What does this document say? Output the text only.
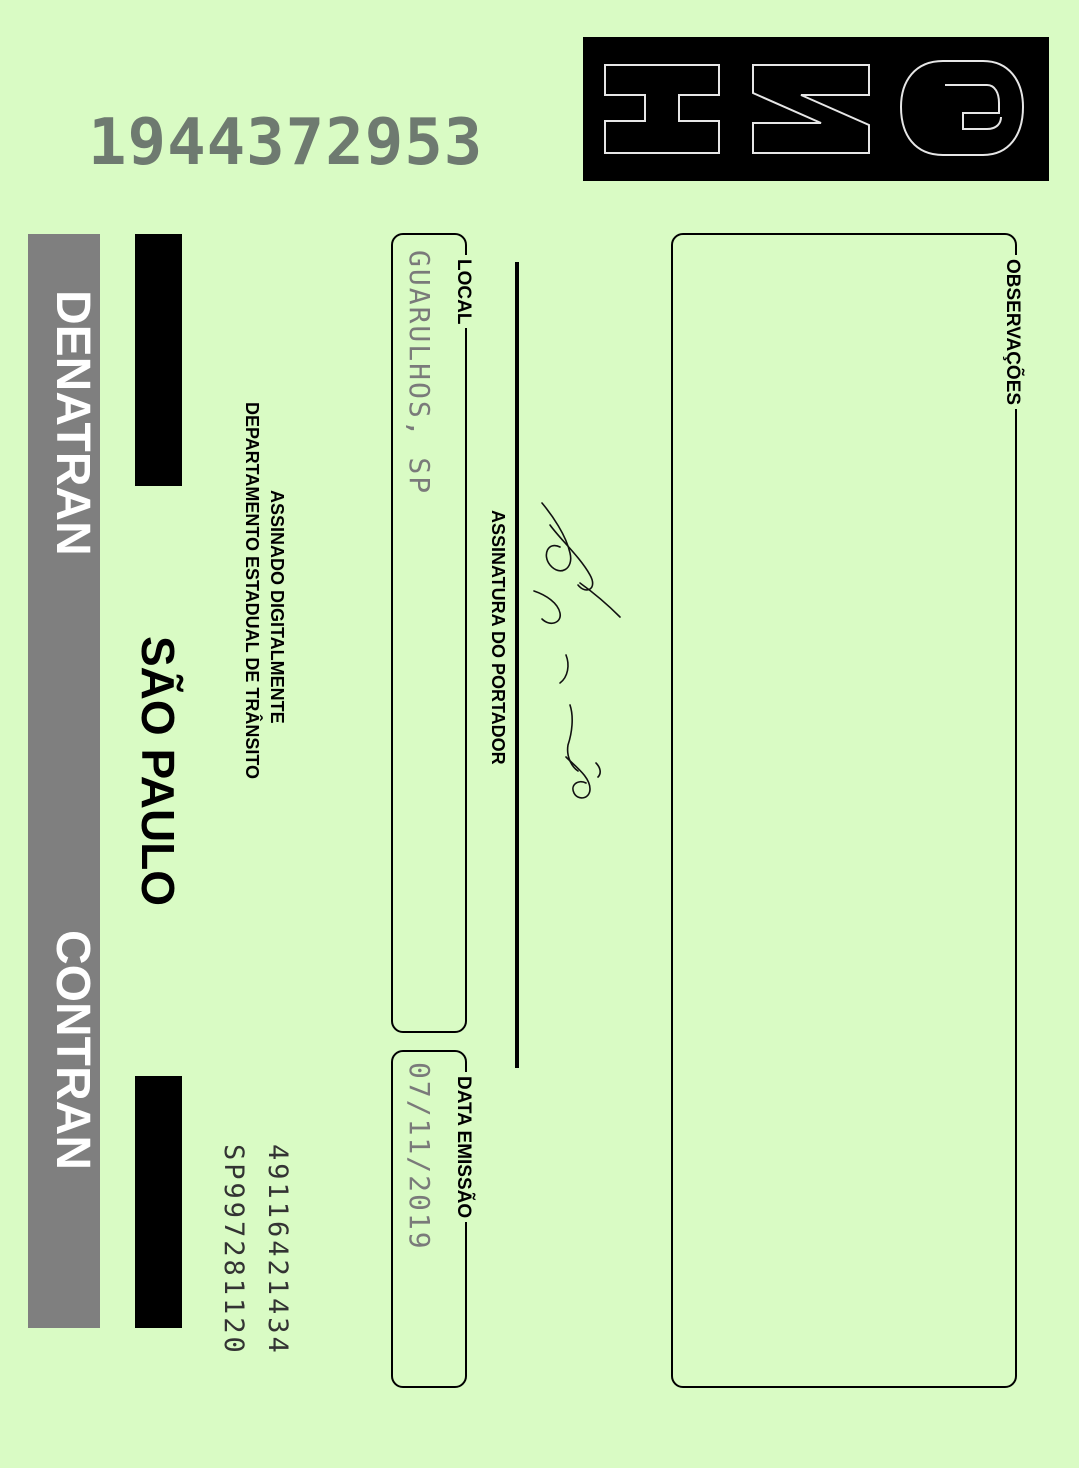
1944372953
DENATRAN
CONTRAN
SÃO PAULO
ASSINADO DIGITALMENTE
DEPARTAMENTO ESTADUAL DE TRÂNSITO
49116421434
SP997281120
LOCAL
GUARULHOS, SP
DATA EMISSÃO
07/11/2019
ASSINATURA DO PORTADOR
OBSERVAÇÕES
